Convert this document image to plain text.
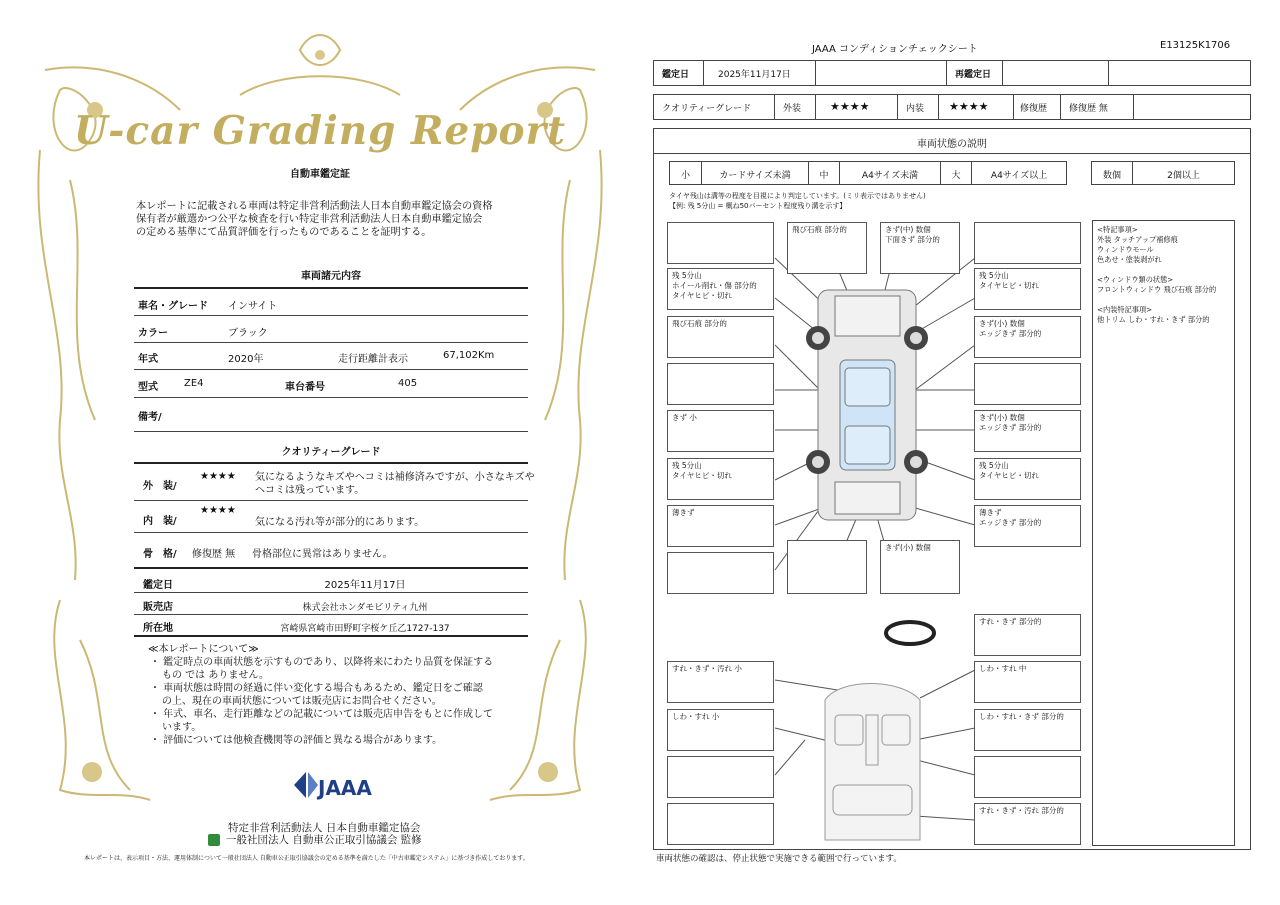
U-car Grading Report
自動車鑑定証
本レポートに記載される車両は特定非営利活動法人日本自動車鑑定協会の資格
保有者が厳選かつ公平な検査を行い特定非営利活動法人日本自動車鑑定協会
の定める基準にて品質評価を行ったものであることを証明する。
車両諸元内容
車名・グレード インサイト
カラー	ブラック
年式	2020年	走行距離計表示	67,102Km
型式	ZE4	車台番号	405
備考/
クオリティーグレード
外　装/
★★★★ 気になるようなキズやヘコミは補修済みですが、小さなキズや
ヘコミは残っています。
内　装/
★★★★
気になる汚れ等が部分的にあります。
骨　格/ 修復歴 無 骨格部位に異常はありません。
鑑定日	2025年11月17日
販売店	株式会社ホンダモビリティ九州
所在地	宮崎県宮崎市田野町字桜ケ丘乙1727-137
≪本レポートについて≫
・ 鑑定時点の車両状態を示すものであり、以降将来にわたり品質を保証する
もの では ありません。
・ 車両状態は時間の経過に伴い変化する場合もあるため、鑑定日をご確認
の上、現在の車両状態については販売店にお問合せください。
・ 年式、車名、走行距離などの記載については販売店申告をもとに作成して
います。
・ 評価については他検査機関等の評価と異なる場合があります。
JAAA
特定非営利活動法人 日本自動車鑑定協会
一般社団法人 自動車公正取引協議会 監修
本レポートは、表示項目・方法、運用体制について一般社団法人 自動車公正取引協議会の定める基準を満たした「中古車鑑定システム」に基づき作成しております。
JAAA コンディションチェックシート	E13125K1706
鑑定日	2025年11月17日	再鑑定日
クオリティーグレード	外装	★★★★	内装	★★★★	修復歴	修復歴 無
車両状態の説明
小	カードサイズ未満	中	A4サイズ未満	大	A4サイズ以上	数個	2個以上
タイヤ残山は溝等の程度を目視により判定しています。(ミリ表示ではありません)
【例: 残 5分山 = 概ね50パーセント程度残り溝を示す】
飛び石痕 部分的	きず(中) 数個
下面きず 部分的
残 5分山
ホイール削れ・傷 部分的
タイヤヒビ・切れ
残 5分山
タイヤヒビ・切れ
飛び石痕 部分的	きず(小) 数個
エッジきず 部分的
きず 小	きず(小) 数個
エッジきず 部分的
残 5分山
タイヤヒビ・切れ
残 5分山
タイヤヒビ・切れ
薄きず	薄きず
エッジきず 部分的
きず(小) 数個
<特記事項>
外装 タッチアップ補修痕
ウィンドウモール
色あせ・塗装剥がれ
<ウィンドウ類の状態>
フロントウィンドウ 飛び石痕 部分的
<内装特記事項>
他トリム しわ・すれ・きず 部分的
すれ・きず 部分的
すれ・きず・汚れ 小	しわ・すれ 中
しわ・すれ 小	しわ・すれ・きず 部分的
すれ・きず・汚れ 部分的
車両状態の確認は、停止状態で実施できる範囲で行っています。
